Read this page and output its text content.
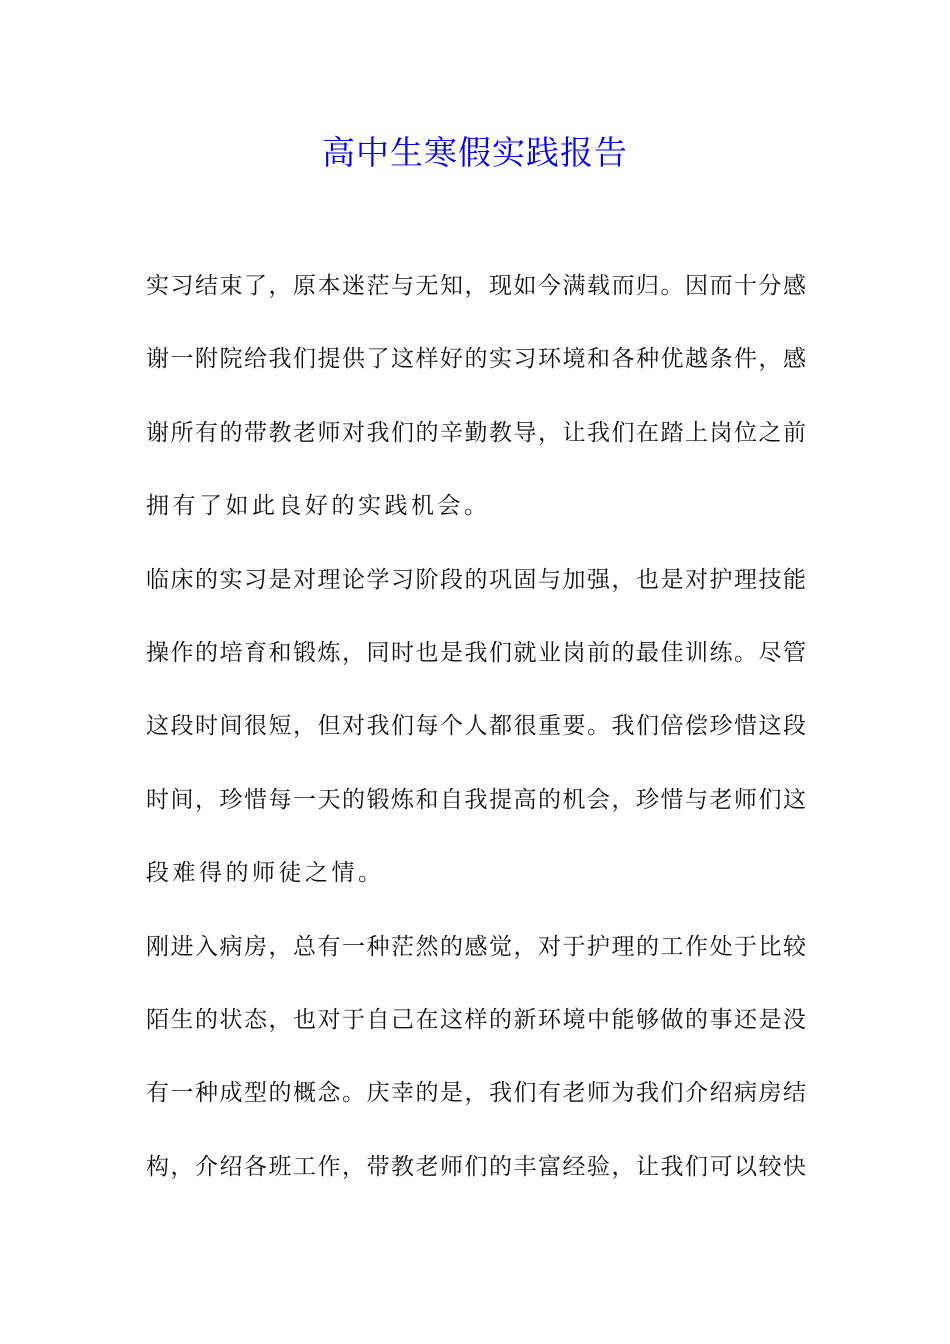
高中生寒假实践报告
实习结束了，原本迷茫与无知，现如今满载而归。因而十分感
谢一附院给我们提供了这样好的实习环境和各种优越条件，感
谢所有的带教老师对我们的辛勤教导，让我们在踏上岗位之前
拥有了如此良好的实践机会。
临床的实习是对理论学习阶段的巩固与加强，也是对护理技能
操作的培育和锻炼，同时也是我们就业岗前的最佳训练。尽管
这段时间很短，但对我们每个人都很重要。我们倍偿珍惜这段
时间，珍惜每一天的锻炼和自我提高的机会，珍惜与老师们这
段难得的师徒之情。
刚进入病房，总有一种茫然的感觉，对于护理的工作处于比较
陌生的状态，也对于自己在这样的新环境中能够做的事还是没
有一种成型的概念。庆幸的是，我们有老师为我们介绍病房结
构，介绍各班工作，带教老师们的丰富经验，让我们可以较快
